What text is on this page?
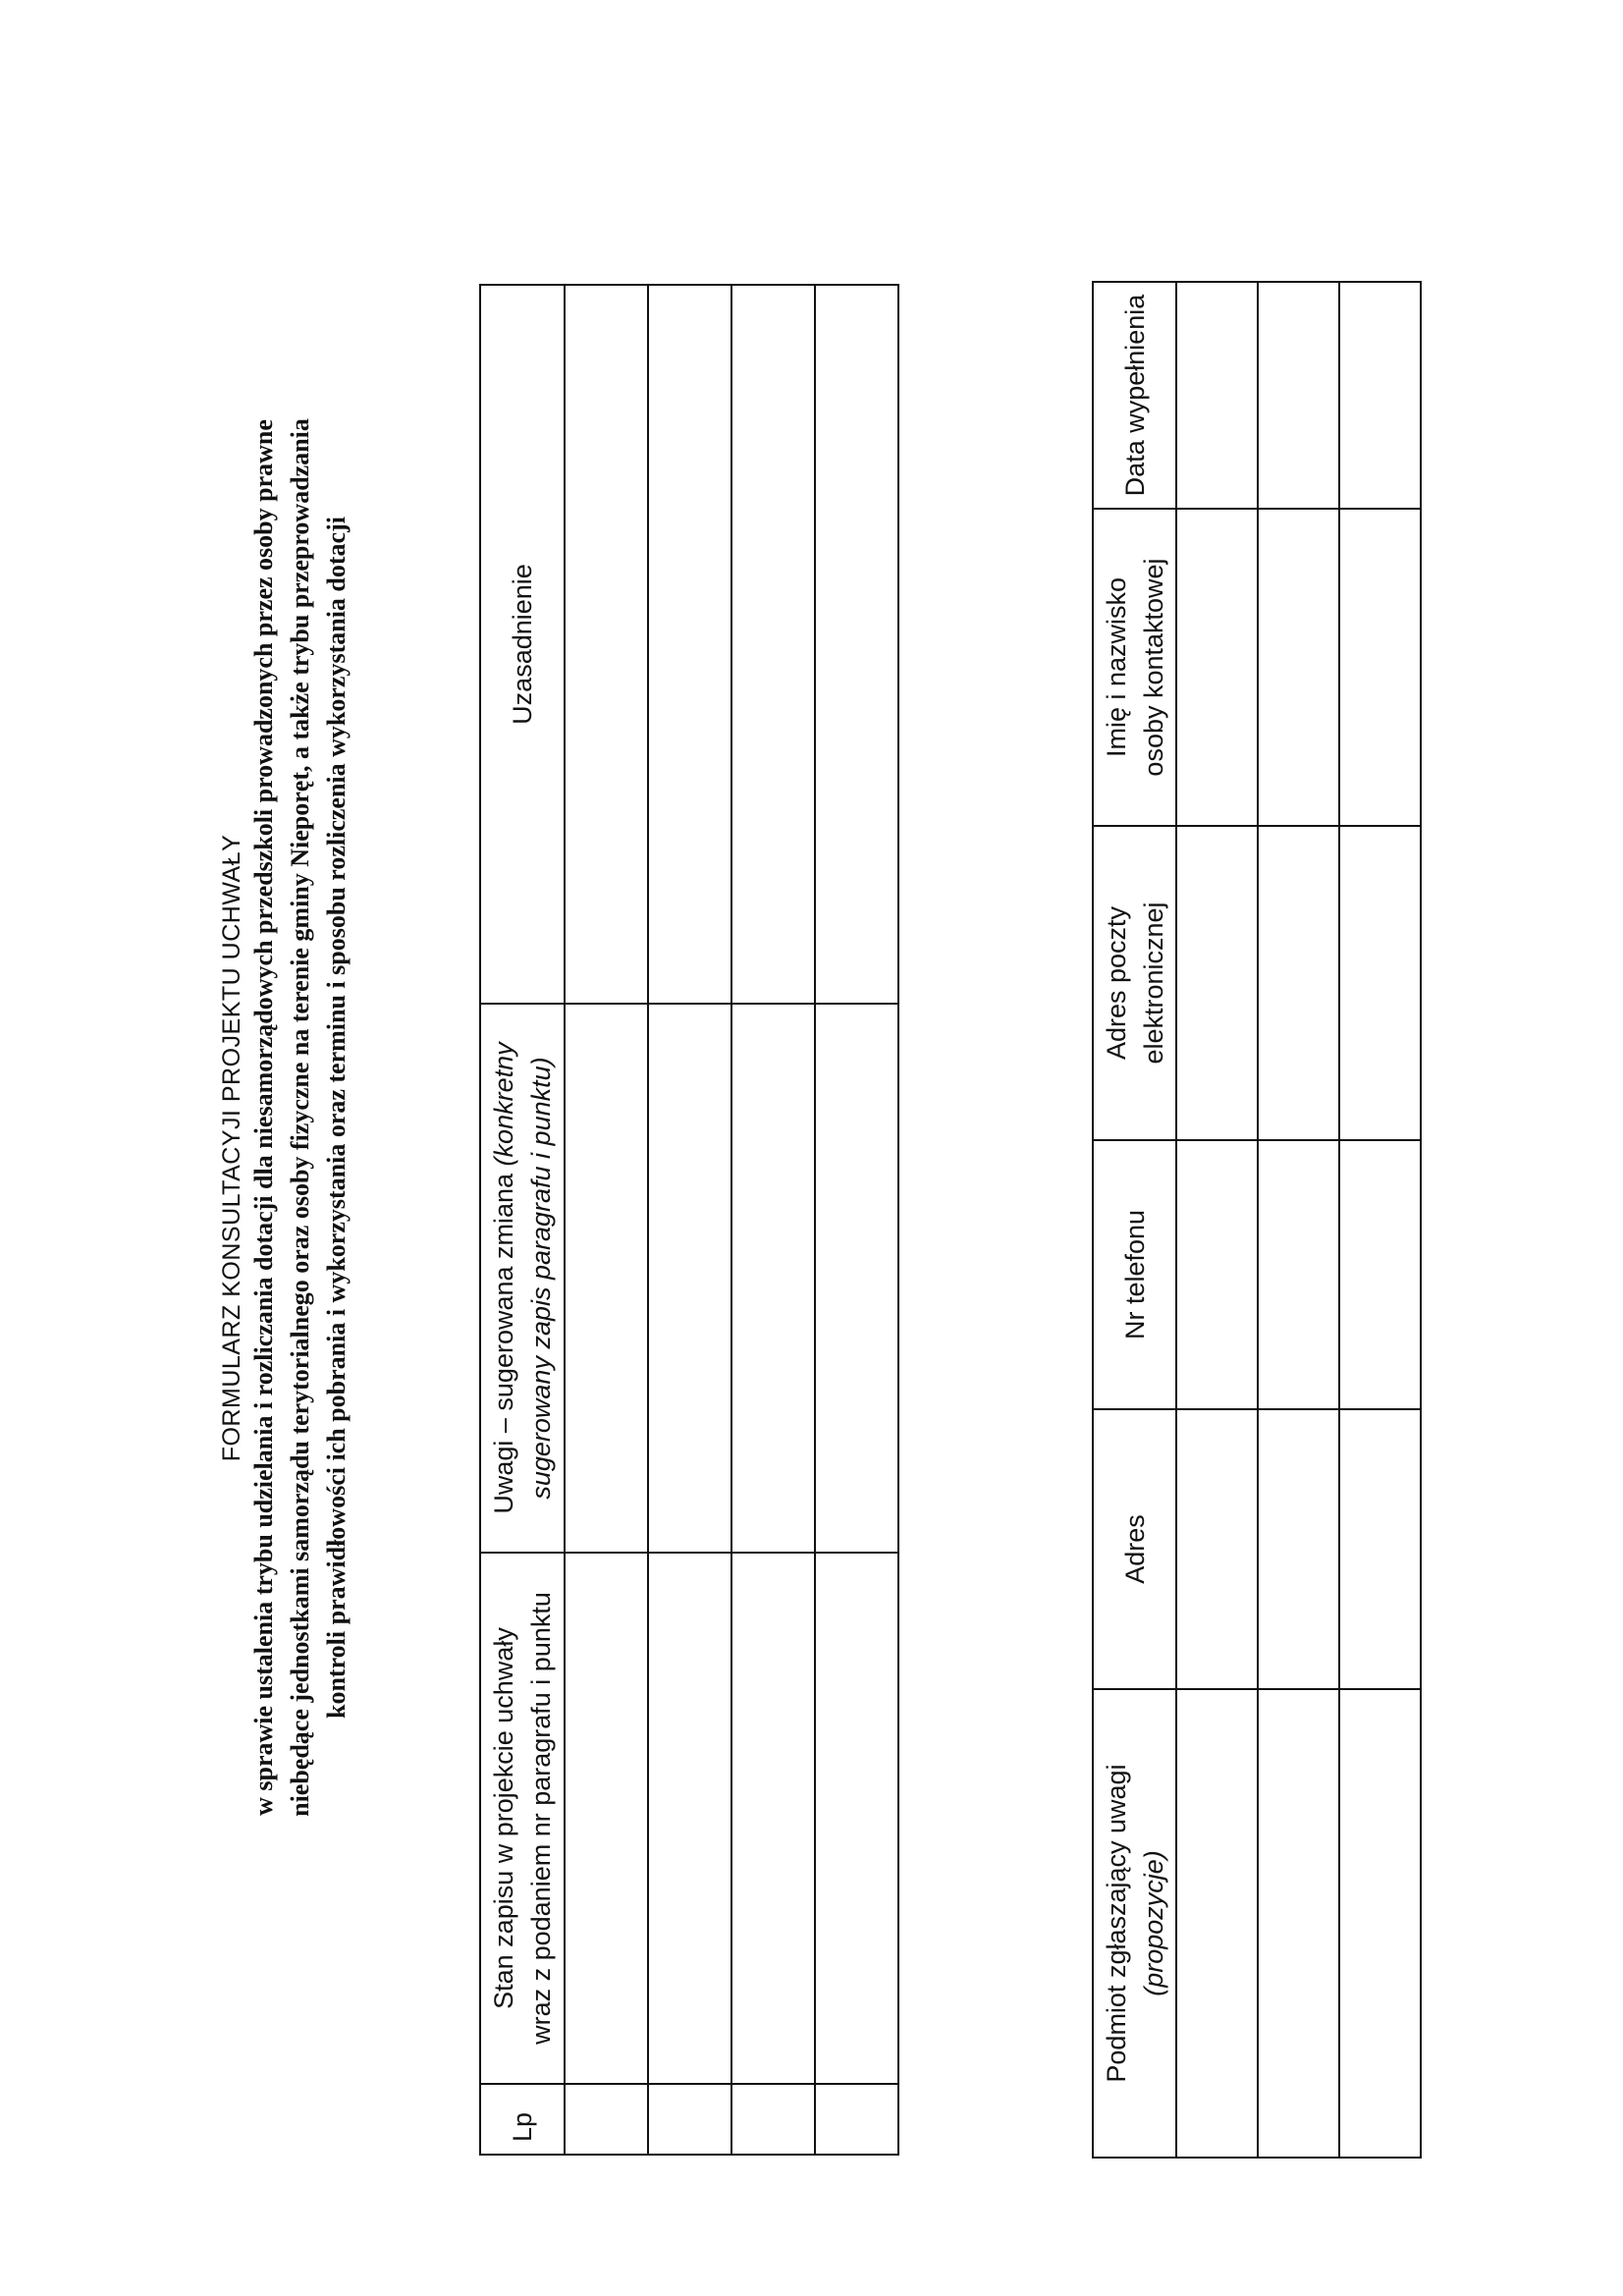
FORMULARZ KONSULTACYJI PROJEKTU UCHWAŁY w sprawie ustalenia trybu udzielania i rozliczania dotacji dla niesamorządowych przedszkoli prowadzonych przez osoby prawne niebędące jednostkami samorządu terytorialnego oraz osoby fizyczne na terenie gminy Nieporęt, a także trybu przeprowadzania kontroli prawidłowości ich pobrania i wykorzystania oraz terminu i sposobu rozliczenia wykorzystania dotacji
Lp	Stan zapisu w projekcie uchwały wraz z podaniem nr paragrafu i punktu	Uwagi – sugerowana zmiana (konkretny sugerowany zapis paragrafu i punktu)	Uzasadnienie

Podmiot zgłaszający uwagi (propozycje)	Adres	Nr telefonu	Adres poczty elektronicznej	Imię i nazwisko osoby kontaktowej	Data wypełnienia
